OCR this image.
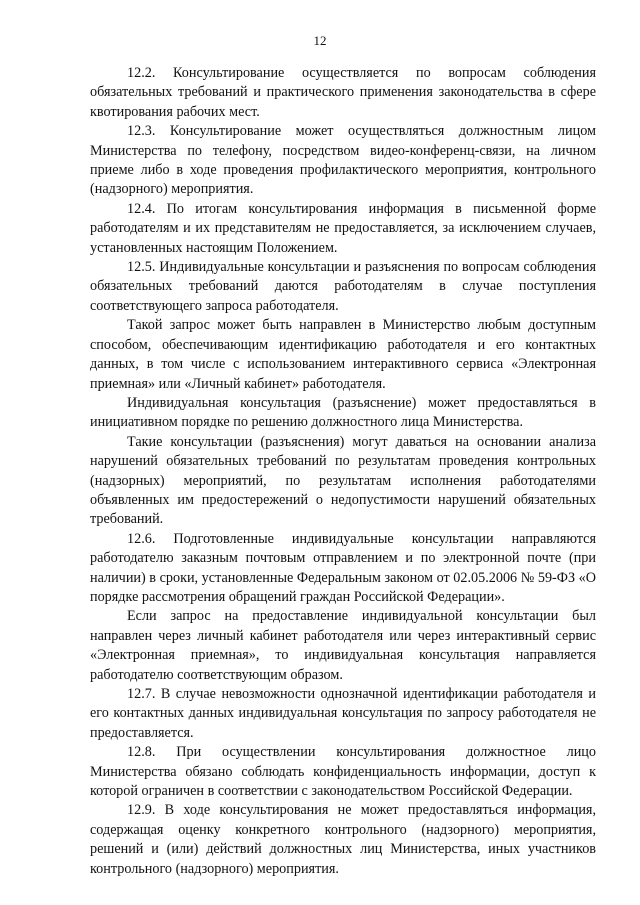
12

12.2. Консультирование осуществляется по вопросам соблюдения обязательных требований и практического применения законодательства в сфере квотирования рабочих мест.

12.3. Консультирование может осуществляться должностным лицом Министерства по телефону, посредством видео-конференц-связи, на личном приеме либо в ходе проведения профилактического мероприятия, контрольного (надзорного) мероприятия.

12.4. По итогам консультирования информация в письменной форме работодателям и их представителям не предоставляется, за исключением случаев, установленных настоящим Положением.

12.5. Индивидуальные консультации и разъяснения по вопросам соблюдения обязательных требований даются работодателям в случае поступления соответствующего запроса работодателя.

Такой запрос может быть направлен в Министерство любым доступным способом, обеспечивающим идентификацию работодателя и его контактных данных, в том числе с использованием интерактивного сервиса «Электронная приемная» или «Личный кабинет» работодателя.

Индивидуальная консультация (разъяснение) может предоставляться в инициативном порядке по решению должностного лица Министерства.

Такие консультации (разъяснения) могут даваться на основании анализа нарушений обязательных требований по результатам проведения контрольных (надзорных) мероприятий, по результатам исполнения работодателями объявленных им предостережений о недопустимости нарушений обязательных требований.

12.6. Подготовленные индивидуальные консультации направляются работодателю заказным почтовым отправлением и по электронной почте (при наличии) в сроки, установленные Федеральным законом от 02.05.2006 № 59-ФЗ «О порядке рассмотрения обращений граждан Российской Федерации».

Если запрос на предоставление индивидуальной консультации был направлен через личный кабинет работодателя или через интерактивный сервис «Электронная приемная», то индивидуальная консультация направляется работодателю соответствующим образом.

12.7. В случае невозможности однозначной идентификации работодателя и его контактных данных индивидуальная консультация по запросу работодателя не предоставляется.

12.8. При осуществлении консультирования должностное лицо Министерства обязано соблюдать конфиденциальность информации, доступ к которой ограничен в соответствии с законодательством Российской Федерации.

12.9. В ходе консультирования не может предоставляться информация, содержащая оценку конкретного контрольного (надзорного) мероприятия, решений и (или) действий должностных лиц Министерства, иных участников контрольного (надзорного) мероприятия.
